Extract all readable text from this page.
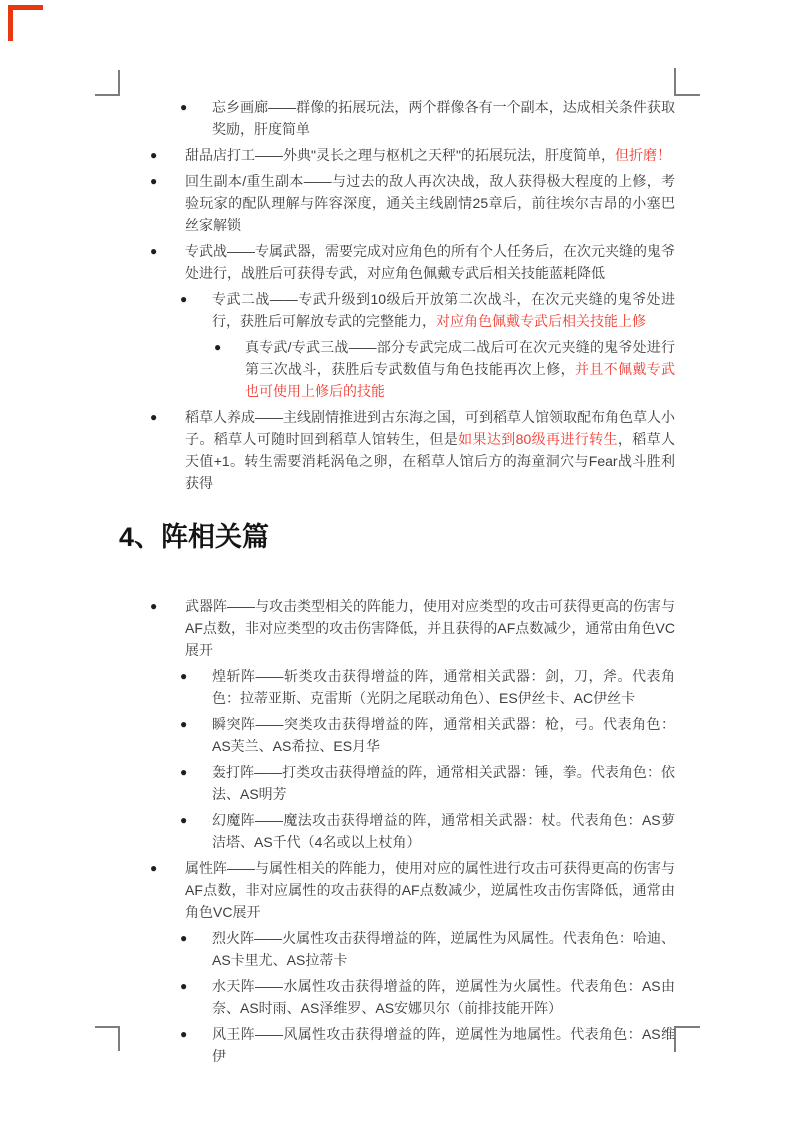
● 忘乡画廊——群像的拓展玩法，两个群像各有一个副本，达成相关条件获取奖励，肝度简单
● 甜品店打工——外典"灵长之理与枢机之天秤"的拓展玩法，肝度简单，但折磨！
● 回生副本/重生副本——与过去的敌人再次决战，敌人获得极大程度的上修，考验玩家的配队理解与阵容深度，通关主线剧情25章后，前往埃尔吉昂的小塞巴丝家解锁
● 专武战——专属武器，需要完成对应角色的所有个人任务后，在次元夹缝的鬼爷处进行，战胜后可获得专武，对应角色佩戴专武后相关技能蓝耗降低
● 专武二战——专武升级到10级后开放第二次战斗，在次元夹缝的鬼爷处进行，获胜后可解放专武的完整能力，对应角色佩戴专武后相关技能上修
● 真专武/专武三战——部分专武完成二战后可在次元夹缝的鬼爷处进行第三次战斗，获胜后专武数值与角色技能再次上修，并且不佩戴专武也可使用上修后的技能
● 稻草人养成——主线剧情推进到古东海之国，可到稻草人馆领取配布角色草人小子。稻草人可随时回到稻草人馆转生，但是如果达到80级再进行转生，稻草人天值+1。转生需要消耗涡龟之卵，在稻草人馆后方的海童洞穴与Fear战斗胜利获得
4、阵相关篇
● 武器阵——与攻击类型相关的阵能力，使用对应类型的攻击可获得更高的伤害与AF点数，非对应类型的攻击伤害降低，并且获得的AF点数减少，通常由角色VC展开
● 煌斩阵——斩类攻击获得增益的阵，通常相关武器：剑，刀，斧。代表角色：拉蒂亚斯、克雷斯（光阴之尾联动角色）、ES伊丝卡、AC伊丝卡
● 瞬突阵——突类攻击获得增益的阵，通常相关武器：枪，弓。代表角色：AS芙兰、AS希拉、ES月华
● 轰打阵——打类攻击获得增益的阵，通常相关武器：锤，拳。代表角色：依法、AS明芳
● 幻魔阵——魔法攻击获得增益的阵，通常相关武器：杖。代表角色：AS萝洁塔、AS千代（4名或以上杖角）
● 属性阵——与属性相关的阵能力，使用对应的属性进行攻击可获得更高的伤害与AF点数，非对应属性的攻击获得的AF点数减少，逆属性攻击伤害降低，通常由角色VC展开
● 烈火阵——火属性攻击获得增益的阵，逆属性为风属性。代表角色：哈迪、AS卡里尤、AS拉蒂卡
● 水天阵——水属性攻击获得增益的阵，逆属性为火属性。代表角色：AS由奈、AS时雨、AS泽维罗、AS安娜贝尔（前排技能开阵）
● 风王阵——风属性攻击获得增益的阵，逆属性为地属性。代表角色：AS维伊
